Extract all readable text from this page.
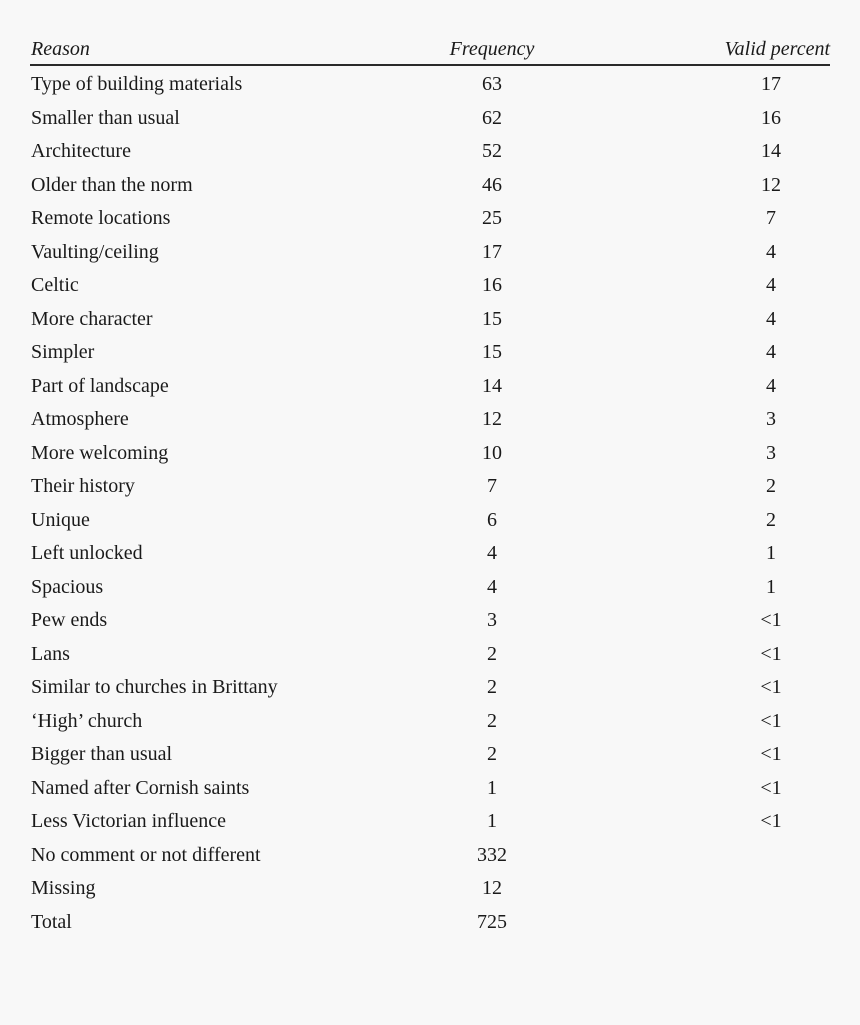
Reason	Frequency	Valid percent
Type of building materials	63	17
Smaller than usual	62	16
Architecture	52	14
Older than the norm	46	12
Remote locations	25	7
Vaulting/ceiling	17	4
Celtic	16	4
More character	15	4
Simpler	15	4
Part of landscape	14	4
Atmosphere	12	3
More welcoming	10	3
Their history	7	2
Unique	6	2
Left unlocked	4	1
Spacious	4	1
Pew ends	3	<1
Lans	2	<1
Similar to churches in Brittany	2	<1
‘High’ church	2	<1
Bigger than usual	2	<1
Named after Cornish saints	1	<1
Less Victorian influence	1	<1
No comment or not different	332
Missing	12
Total	725
